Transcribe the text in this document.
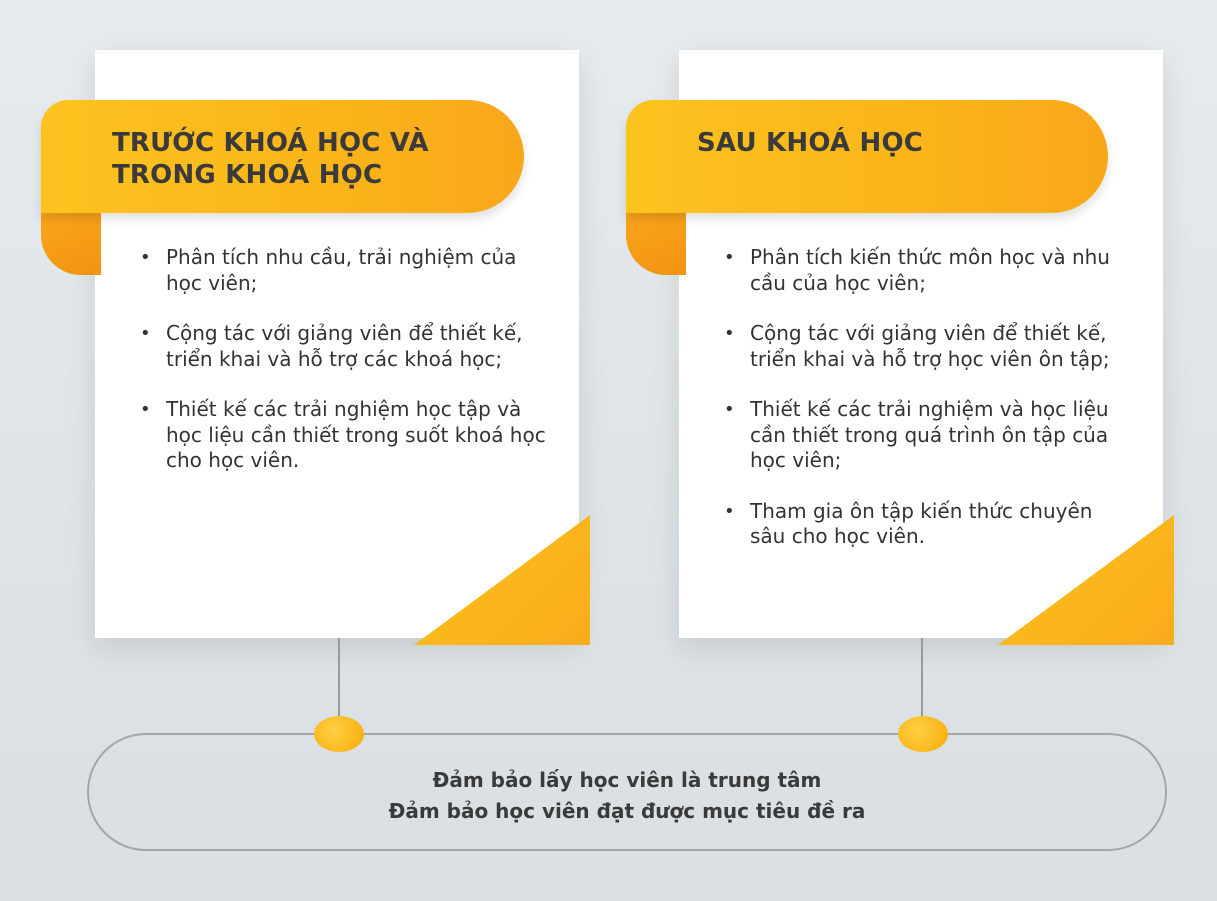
TRƯỚC KHOÁ HỌC VÀ
TRONG KHOÁ HỌC
• Phân tích nhu cầu, trải nghiệm của học viên;
• Cộng tác với giảng viên để thiết kế, triển khai và hỗ trợ các khoá học;
• Thiết kế các trải nghiệm học tập và học liệu cần thiết trong suốt khoá học cho học viên.
SAU KHOÁ HỌC
• Phân tích kiến thức môn học và nhu cầu của học viên;
• Cộng tác với giảng viên để thiết kế, triển khai và hỗ trợ học viên ôn tập;
• Thiết kế các trải nghiệm và học liệu cần thiết trong quá trình ôn tập của học viên;
• Tham gia ôn tập kiến thức chuyên sâu cho học viên.
Đảm bảo lấy học viên là trung tâm
Đảm bảo học viên đạt được mục tiêu đề ra
